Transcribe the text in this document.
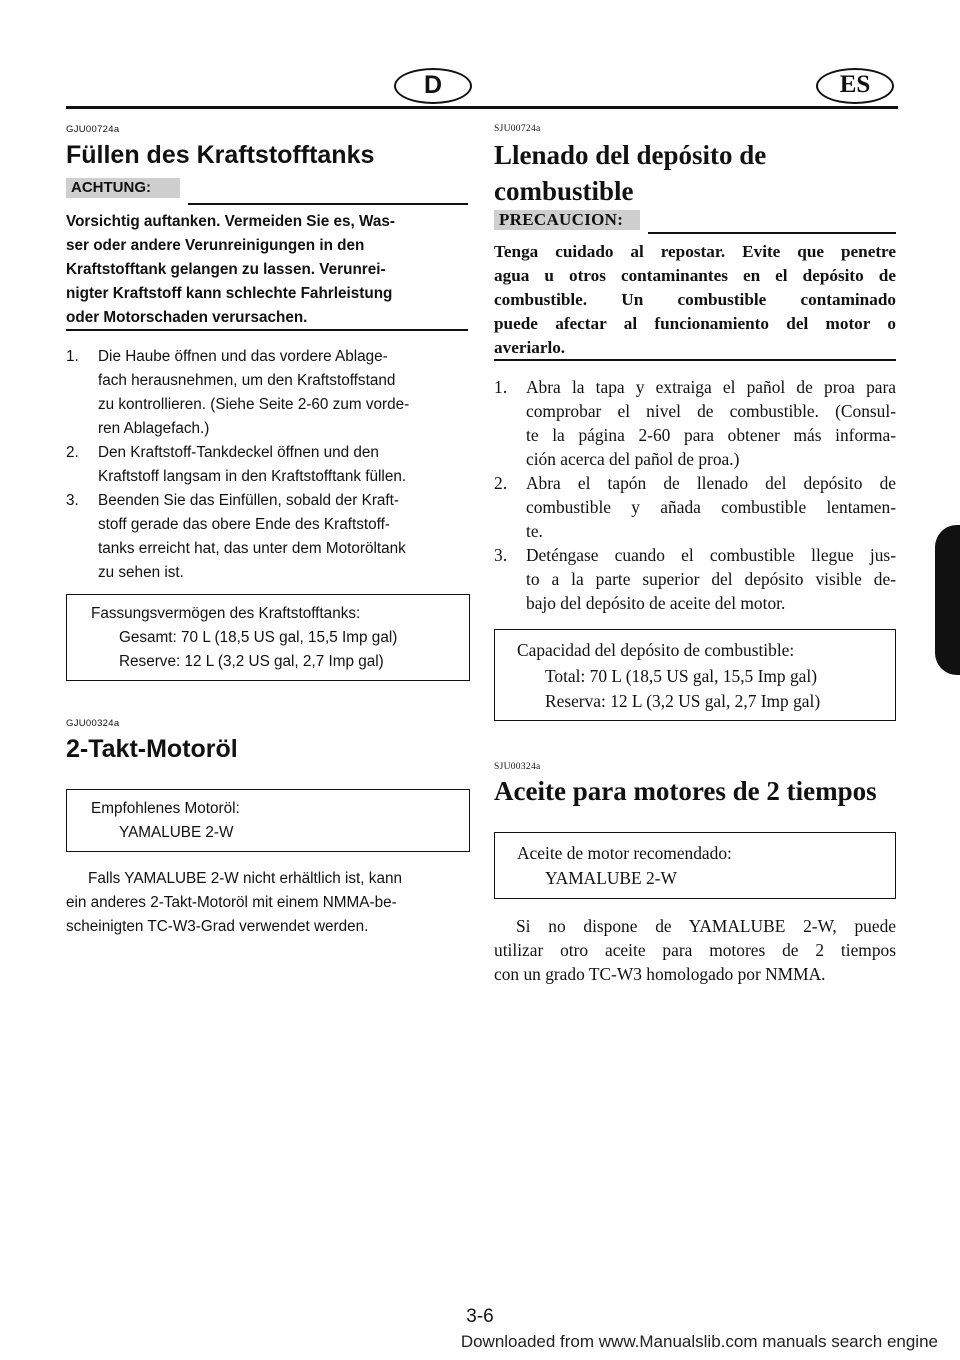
D	ES
GJU00724a
Füllen des Kraftstofftanks
ACHTUNG:
Vorsichtig auftanken. Vermeiden Sie es, Was-
ser oder andere Verunreinigungen in den
Kraftstofftank gelangen zu lassen. Verunrei-
nigter Kraftstoff kann schlechte Fahrleistung
oder Motorschaden verursachen.
1.	Die Haube öffnen und das vordere Ablage-
fach herausnehmen, um den Kraftstoffstand
zu kontrollieren. (Siehe Seite 2-60 zum vorde-
ren Ablagefach.)
2.	Den Kraftstoff-Tankdeckel öffnen und den
Kraftstoff langsam in den Kraftstofftank füllen.
3.	Beenden Sie das Einfüllen, sobald der Kraft-
stoff gerade das obere Ende des Kraftstoff-
tanks erreicht hat, das unter dem Motoröltank
zu sehen ist.
Fassungsvermögen des Kraftstofftanks:
Gesamt: 70 L (18,5 US gal, 15,5 Imp gal)
Reserve: 12 L (3,2 US gal, 2,7 Imp gal)
GJU00324a
2-Takt-Motoröl
Empfohlenes Motoröl:
YAMALUBE 2-W
Falls YAMALUBE 2-W nicht erhältlich ist, kann
ein anderes 2-Takt-Motoröl mit einem NMMA-be-
scheinigten TC-W3-Grad verwendet werden.
SJU00724a
Llenado del depósito de
combustible
PRECAUCION:
Tenga cuidado al repostar. Evite que penetre
agua u otros contaminantes en el depósito de
combustible. Un combustible contaminado
puede afectar al funcionamiento del motor o
averiarlo.
1. Abra la tapa y extraiga el pañol de proa para
comprobar el nivel de combustible. (Consul-
te la página 2-60 para obtener más informa-
ción acerca del pañol de proa.)
2. Abra el tapón de llenado del depósito de
combustible y añada combustible lentamen-
te.
3. Deténgase cuando el combustible llegue jus-
to a la parte superior del depósito visible de-
bajo del depósito de aceite del motor.
Capacidad del depósito de combustible:
Total: 70 L (18,5 US gal, 15,5 Imp gal)
Reserva: 12 L (3,2 US gal, 2,7 Imp gal)
SJU00324a
Aceite para motores de 2 tiempos
Aceite de motor recomendado:
YAMALUBE 2-W
Si no dispone de YAMALUBE 2-W, puede
utilizar otro aceite para motores de 2 tiempos
con un grado TC-W3 homologado por NMMA.
3-6
Downloaded from www.Manualslib.com manuals search engine
